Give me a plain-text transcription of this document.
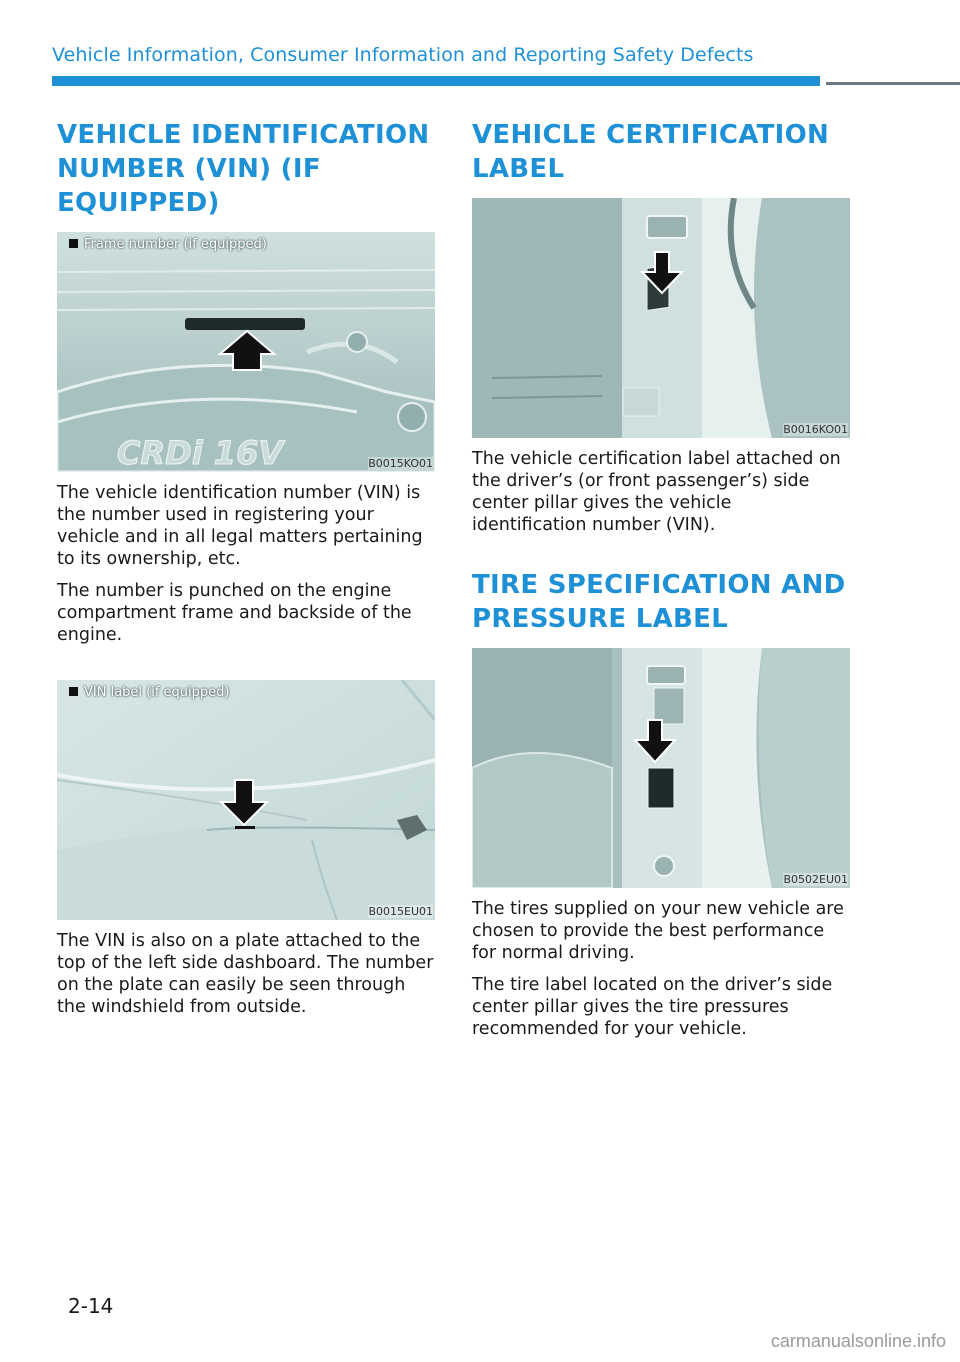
Vehicle Information, Consumer Information and Reporting Safety Defects
VEHICLE IDENTIFICATION NUMBER (VIN) (IF EQUIPPED)
CRDi 16V
Frame number (if equipped)
B0015KO01

The vehicle identification number (VIN) is the number used in registering your vehicle and in all legal matters pertaining to its ownership, etc.

The number is punched on the engine compartment frame and backside of the engine.

VIN label (if equipped)
B0015EU01

The VIN is also on a plate attached to the top of the left side dashboard. The number on the plate can easily be seen through the windshield from outside.

VEHICLE CERTIFICATION LABEL
B0016KO01

The vehicle certification label attached on the driver’s (or front passenger’s) side center pillar gives the vehicle identification number (VIN).

TIRE SPECIFICATION AND PRESSURE LABEL
B0502EU01

The tires supplied on your new vehicle are chosen to provide the best performance for normal driving.

The tire label located on the driver’s side center pillar gives the tire pressures recommended for your vehicle.

2-14
carmanualsonline.info
